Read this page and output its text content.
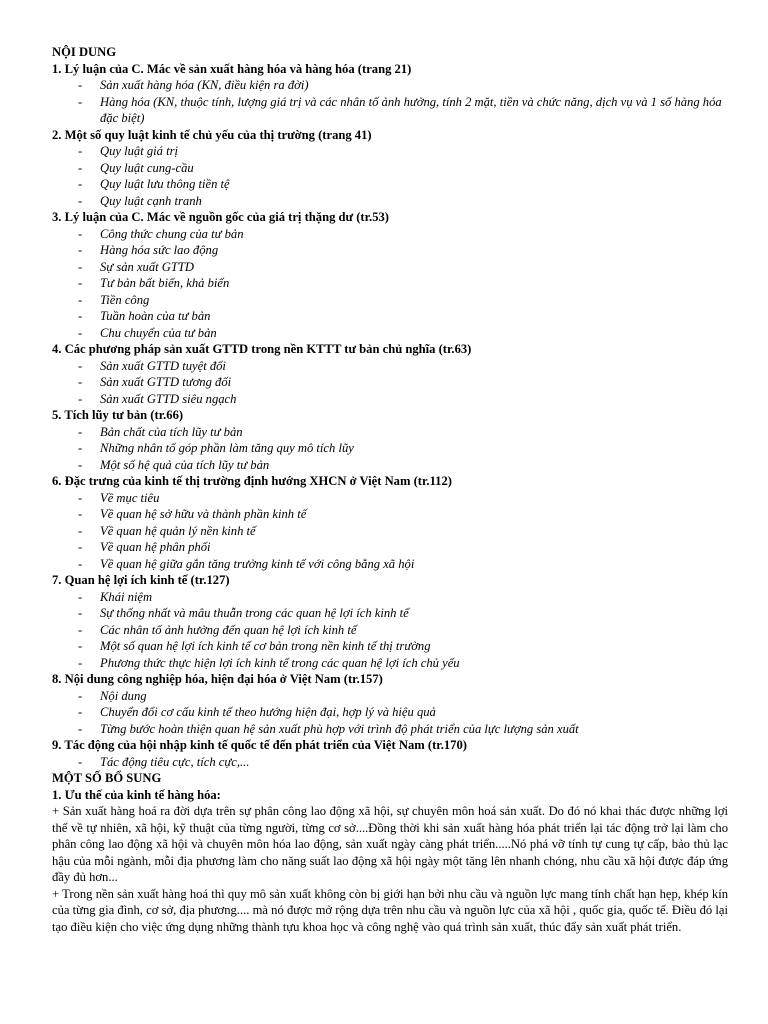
NỘI DUNG
1. Lý luận của C. Mác về sản xuất hàng hóa và hàng hóa (trang 21)
- Sản xuất hàng hóa (KN, điều kiện ra đời)
- Hàng hóa (KN, thuộc tính, lượng giá trị và các nhân tố ảnh hưởng, tính 2 mặt, tiền và chức năng, dịch vụ và 1 số hàng hóa đặc biệt)
2. Một số quy luật kinh tế chủ yếu của thị trường (trang 41)
- Quy luật giá trị
- Quy luật cung-cầu
- Quy luật lưu thông tiền tệ
- Quy luật cạnh tranh
3. Lý luận của C. Mác về nguồn gốc của giá trị thặng dư (tr.53)
- Công thức chung của tư bản
- Hàng hóa sức lao động
- Sự sản xuất GTTD
- Tư bản bất biến, khả biến
- Tiền công
- Tuần hoàn của tư bản
- Chu chuyển của tư bản
4. Các phương pháp sản xuất GTTD trong nền KTTT tư bản chủ nghĩa (tr.63)
- Sản xuất GTTD tuyệt đối
- Sản xuất GTTD tương đối
- Sản xuất GTTD siêu ngạch
5. Tích lũy tư bản (tr.66)
- Bản chất của tích lũy tư bản
- Những nhân tố góp phần làm tăng quy mô tích lũy
- Một số hệ quả của tích lũy tư bản
6. Đặc trưng của kinh tế thị trường định hướng XHCN ở Việt Nam (tr.112)
- Về mục tiêu
- Về quan hệ sở hữu và thành phần kinh tế
- Về quan hệ quản lý nền kinh tế
- Về quan hệ phân phối
- Về quan hệ giữa gắn tăng trưởng kinh tế với công bằng xã hội
7. Quan hệ lợi ích kinh tế (tr.127)
- Khái niệm
- Sự thống nhất và mâu thuẫn trong các quan hệ lợi ích kinh tế
- Các nhân tố ảnh hưởng đến quan hệ lợi ích kinh tế
- Một số quan hệ lợi ích kinh tế cơ bản trong nền kinh tế thị trường
- Phương thức thực hiện lợi ích kinh tế trong các quan hệ lợi ích chủ yếu
8. Nội dung công nghiệp hóa, hiện đại hóa ở Việt Nam (tr.157)
- Nội dung
- Chuyển đổi cơ cấu kinh tế theo hướng hiện đại, hợp lý và hiệu quả
- Từng bước hoàn thiện quan hệ sản xuất phù hợp với trình độ phát triển của lực lượng sản xuất
9. Tác động của hội nhập kinh tế quốc tế đến phát triển của Việt Nam (tr.170)
- Tác động tiêu cực, tích cực,...
MỘT SỐ BỔ SUNG
1. Ưu thế của kinh tế hàng hóa:

+ Sản xuất hàng hoá ra đời dựa trên sự phân công lao động xã hội, sự chuyên môn hoá sản xuất. Do đó nó khai thác được những lợi thế về tự nhiên, xã hội, kỹ thuật của từng người, từng cơ sở....Đồng thời khi sản xuất hàng hóa phát triển lại tác động trở lại làm cho phân công lao động xã hội và chuyên môn hóa lao động, sản xuất ngày càng phát triển.....Nó phá vỡ tính tự cung tự cấp, bảo thủ lạc hậu của mỗi ngành, mỗi địa phương làm cho năng suất lao động xã hội ngày một tăng lên nhanh chóng, nhu cầu xã hội được đáp ứng đầy đủ hơn...

+ Trong nền sản xuất hàng hoá thì quy mô sản xuất không còn bị giới hạn bởi nhu cầu và nguồn lực mang tính chất hạn hẹp, khép kín của từng gia đình, cơ sở, địa phương.... mà nó được mở rộng dựa trên nhu cầu và nguồn lực của xã hội , quốc gia, quốc tế. Điều đó lại tạo điều kiện cho việc ứng dụng những thành tựu khoa học và công nghệ vào quá trình sản xuất, thúc đẩy sản xuất phát triển.
